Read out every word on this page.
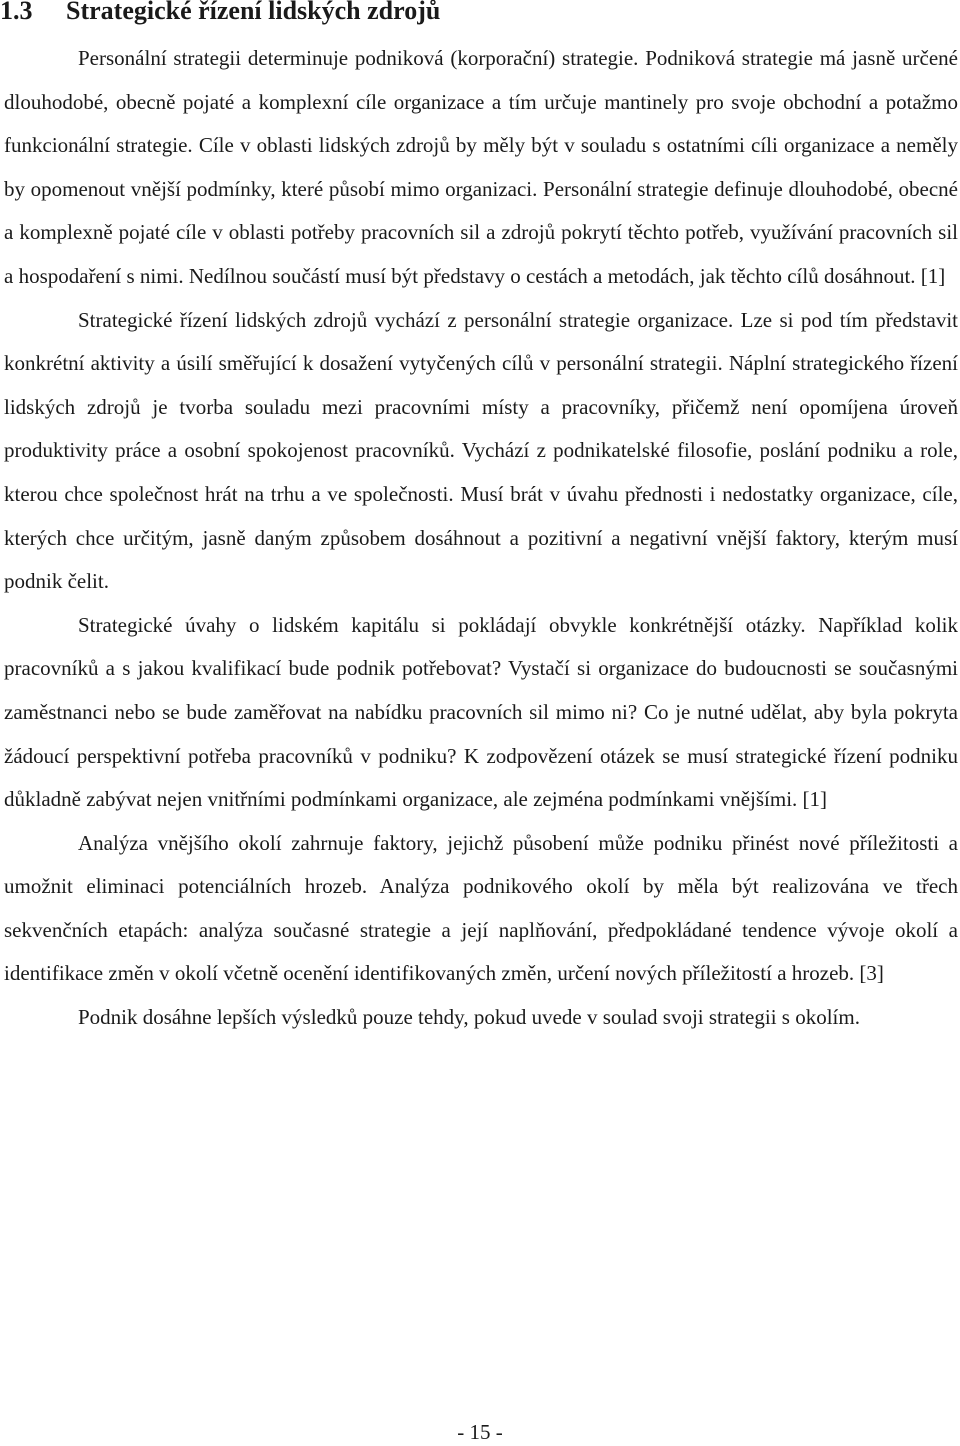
1.3 Strategické řízení lidských zdrojů

Personální strategii determinuje podniková (korporační) strategie. Podniková strategie má jasně určené dlouhodobé, obecně pojaté a komplexní cíle organizace a tím určuje mantinely pro svoje obchodní a potažmo funkcionální strategie. Cíle v oblasti lidských zdrojů by měly být v souladu s ostatními cíli organizace a neměly by opomenout vnější podmínky, které působí mimo organizaci. Personální strategie definuje dlouhodobé, obecné a komplexně pojaté cíle v oblasti potřeby pracovních sil a zdrojů pokrytí těchto potřeb, využívání pracovních sil a hospodaření s nimi. Nedílnou součástí musí být představy o cestách a metodách, jak těchto cílů dosáhnout. [1]

Strategické řízení lidských zdrojů vychází z personální strategie organizace. Lze si pod tím představit konkrétní aktivity a úsilí směřující k dosažení vytyčených cílů v personální strategii. Náplní strategického řízení lidských zdrojů je tvorba souladu mezi pracovními místy a pracovníky, přičemž není opomíjena úroveň produktivity práce a osobní spokojenost pracovníků. Vychází z podnikatelské filosofie, poslání podniku a role, kterou chce společnost hrát na trhu a ve společnosti. Musí brát v úvahu přednosti i nedostatky organizace, cíle, kterých chce určitým, jasně daným způsobem dosáhnout a pozitivní a negativní vnější faktory, kterým musí podnik čelit.

Strategické úvahy o lidském kapitálu si pokládají obvykle konkrétnější otázky. Například kolik pracovníků a s jakou kvalifikací bude podnik potřebovat? Vystačí si organizace do budoucnosti se současnými zaměstnanci nebo se bude zaměřovat na nabídku pracovních sil mimo ni? Co je nutné udělat, aby byla pokryta žádoucí perspektivní potřeba pracovníků v podniku? K zodpovězení otázek se musí strategické řízení podniku důkladně zabývat nejen vnitřními podmínkami organizace, ale zejména podmínkami vnějšími. [1]

Analýza vnějšího okolí zahrnuje faktory, jejichž působení může podniku přinést nové příležitosti a umožnit eliminaci potenciálních hrozeb. Analýza podnikového okolí by měla být realizována ve třech sekvenčních etapách: analýza současné strategie a její naplňování, předpokládané tendence vývoje okolí a identifikace změn v okolí včetně ocenění identifikovaných změn, určení nových příležitostí a hrozeb. [3]

Podnik dosáhne lepších výsledků pouze tehdy, pokud uvede v soulad svoji strategii s okolím.

- 15 -
